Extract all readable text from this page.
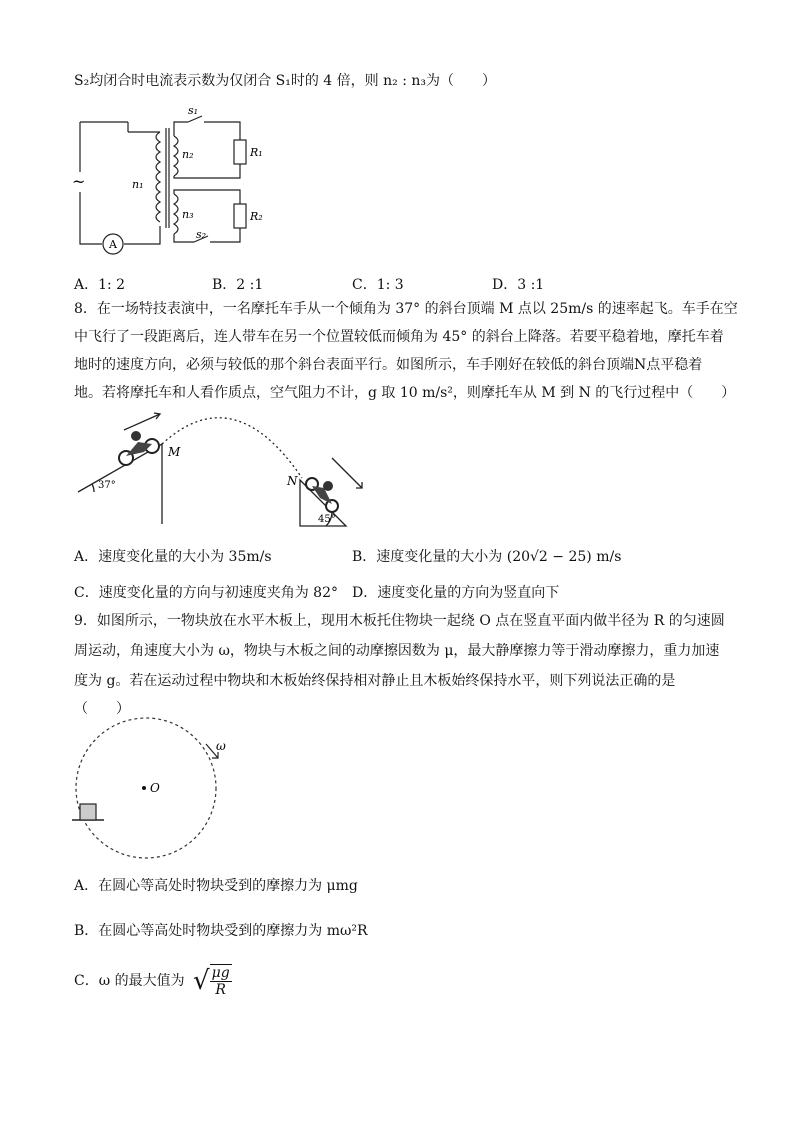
S₂均闭合时电流表示数为仅闭合 S₁时的 4 倍，则 n₂ : n₃为（　　）
~
A
n₁
n₂
n₃
s₁
s₂
R₁
R₂
A．1: 2	B．2 :1	C．1: 3	D．3 :1
8．在一场特技表演中，一名摩托车手从一个倾角为 37° 的斜台顶端 M 点以 25m/s 的速率起飞。车手在空
中飞行了一段距离后，连人带车在另一个位置较低而倾角为 45° 的斜台上降落。若要平稳着地，摩托车着
地时的速度方向，必须与较低的那个斜台表面平行。如图所示，车手刚好在较低的斜台顶端N点平稳着
地。若将摩托车和人看作质点，空气阻力不计，g 取 10 m/s²，则摩托车从 M 到 N 的飞行过程中（　　）
M
N
37°
45°
A．速度变化量的大小为 35m/s	B．速度变化量的大小为 (20√2 − 25) m/s
C．速度变化量的方向与初速度夹角为 82° D．速度变化量的方向为竖直向下
9．如图所示，一物块放在水平木板上，现用木板托住物块一起绕 O 点在竖直平面内做半径为 R 的匀速圆
周运动，角速度大小为 ω，物块与木板之间的动摩擦因数为 μ，最大静摩擦力等于滑动摩擦力，重力加速
度为 g。若在运动过程中物块和木板始终保持相对静止且木板始终保持水平，则下列说法正确的是
（　　）
O
ω
A．在圆心等高处时物块受到的摩擦力为 μmg
B．在圆心等高处时物块受到的摩擦力为 mω²R
C．ω 的最大值为 √ $\frac{\mu g}{R}$
